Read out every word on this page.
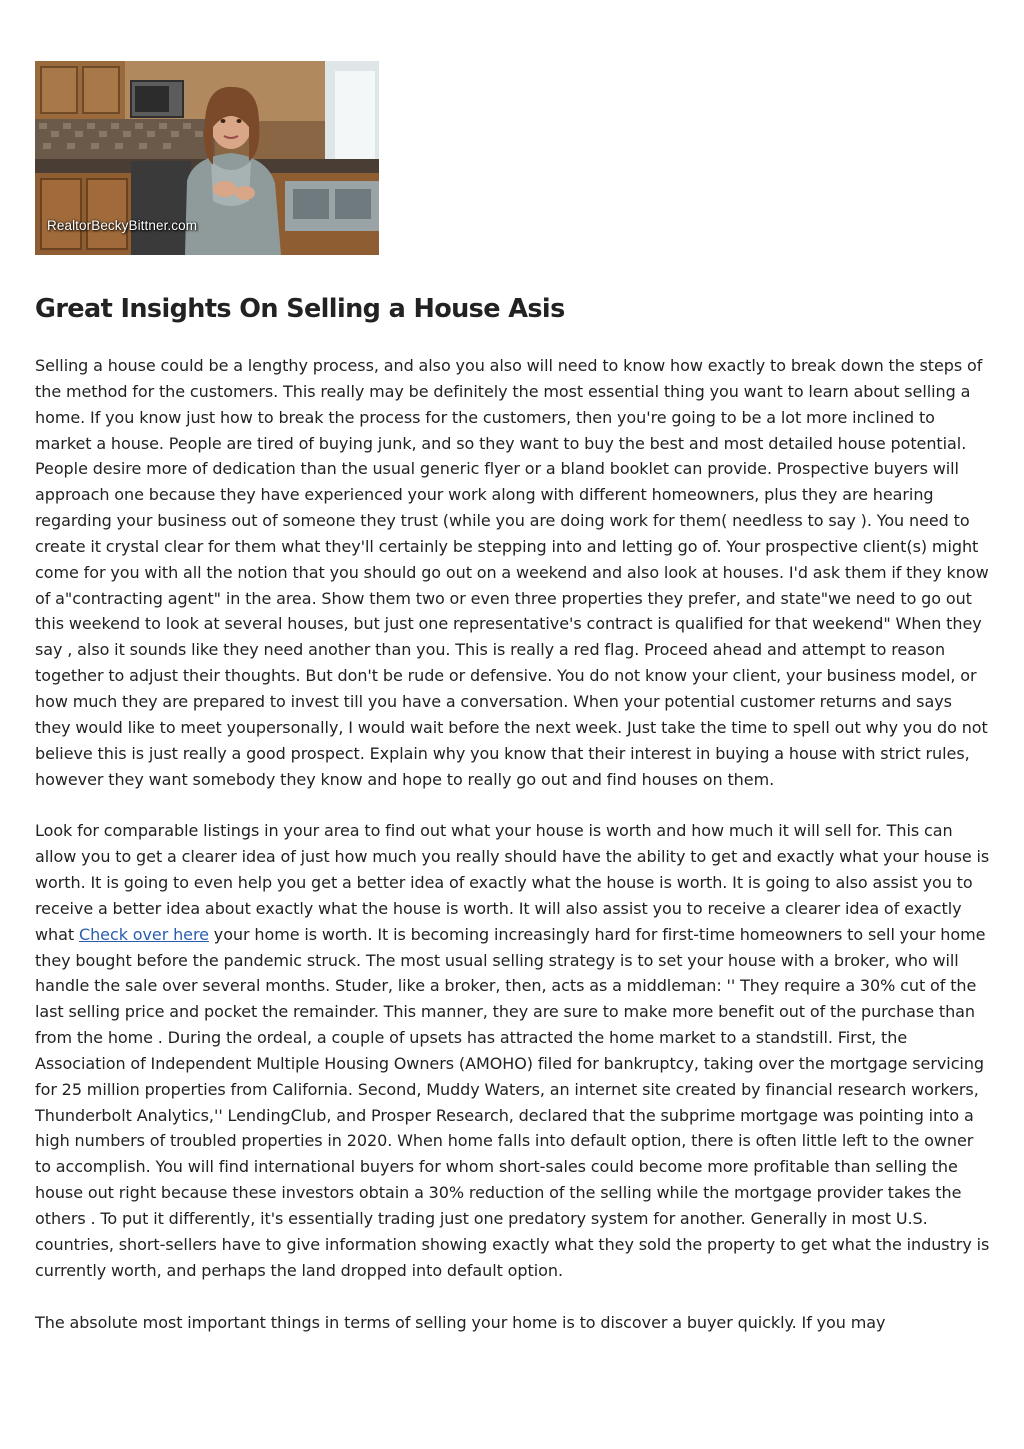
RealtorBeckyBittner.com
Great Insights On Selling a House Asis

Selling a house could be a lengthy process, and also you also will need to know how exactly to break down the steps of the method for the customers. This really may be definitely the most essential thing you want to learn about selling a home. If you know just how to break the process for the customers, then you're going to be a lot more inclined to market a house. People are tired of buying junk, and so they want to buy the best and most detailed house potential. People desire more of dedication than the usual generic flyer or a bland booklet can provide. Prospective buyers will approach one because they have experienced your work along with different homeowners, plus they are hearing regarding your business out of someone they trust (while you are doing work for them( needless to say ). You need to create it crystal clear for them what they'll certainly be stepping into and letting go of. Your prospective client(s) might come for you with all the notion that you should go out on a weekend and also look at houses. I'd ask them if they know of a"contracting agent" in the area. Show them two or even three properties they prefer, and state"we need to go out this weekend to look at several houses, but just one representative's contract is qualified for that weekend" When they say , also it sounds like they need another than you. This is really a red flag. Proceed ahead and attempt to reason together to adjust their thoughts. But don't be rude or defensive. You do not know your client, your business model, or how much they are prepared to invest till you have a conversation. When your potential customer returns and says they would like to meet youpersonally, I would wait before the next week. Just take the time to spell out why you do not believe this is just really a good prospect. Explain why you know that their interest in buying a house with strict rules, however they want somebody they know and hope to really go out and find houses on them.

Look for comparable listings in your area to find out what your house is worth and how much it will sell for. This can allow you to get a clearer idea of just how much you really should have the ability to get and exactly what your house is worth. It is going to even help you get a better idea of exactly what the house is worth. It is going to also assist you to receive a better idea about exactly what the house is worth. It will also assist you to receive a clearer idea of exactly what Check over here your home is worth. It is becoming increasingly hard for first-time homeowners to sell your home they bought before the pandemic struck. The most usual selling strategy is to set your house with a broker, who will handle the sale over several months. Studer, like a broker, then, acts as a middleman: '' They require a 30% cut of the last selling price and pocket the remainder. This manner, they are sure to make more benefit out of the purchase than from the home . During the ordeal, a couple of upsets has attracted the home market to a standstill. First, the Association of Independent Multiple Housing Owners (AMOHO) filed for bankruptcy, taking over the mortgage servicing for 25 million properties from California. Second, Muddy Waters, an internet site created by financial research workers, Thunderbolt Analytics,'' LendingClub, and Prosper Research, declared that the subprime mortgage was pointing into a high numbers of troubled properties in 2020. When home falls into default option, there is often little left to the owner to accomplish. You will find international buyers for whom short-sales could become more profitable than selling the house out right because these investors obtain a 30% reduction of the selling while the mortgage provider takes the others . To put it differently, it's essentially trading just one predatory system for another. Generally in most U.S. countries, short-sellers have to give information showing exactly what they sold the property to get what the industry is currently worth, and perhaps the land dropped into default option.

The absolute most important things in terms of selling your home is to discover a buyer quickly. If you may
